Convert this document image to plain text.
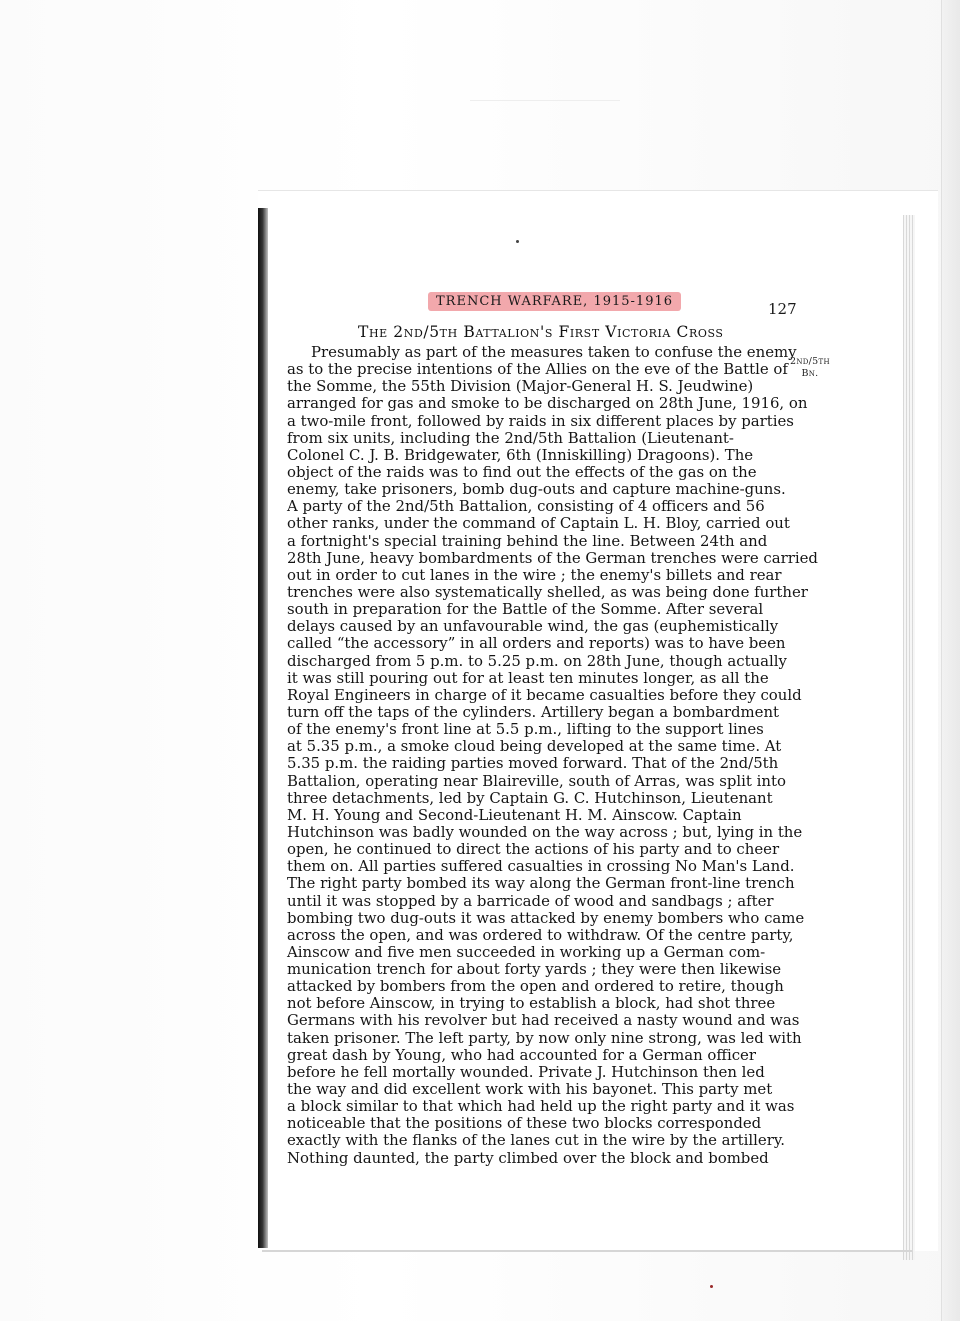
TRENCH WARFARE, 1915-1916	127
The 2nd/5th Battalion's First Victoria Cross
2nd/5th
Bn.
Presumably as part of the measures taken to confuse the enemy
as to the precise intentions of the Allies on the eve of the Battle of
the Somme, the 55th Division (Major-General H. S. Jeudwine)
arranged for gas and smoke to be discharged on 28th June, 1916, on
a two-mile front, followed by raids in six different places by parties
from six units, including the 2nd/5th Battalion (Lieutenant-
Colonel C. J. B. Bridgewater, 6th (Inniskilling) Dragoons). The
object of the raids was to find out the effects of the gas on the
enemy, take prisoners, bomb dug-outs and capture machine-guns.
A party of the 2nd/5th Battalion, consisting of 4 officers and 56
other ranks, under the command of Captain L. H. Bloy, carried out
a fortnight's special training behind the line. Between 24th and
28th June, heavy bombardments of the German trenches were carried
out in order to cut lanes in the wire ; the enemy's billets and rear
trenches were also systematically shelled, as was being done further
south in preparation for the Battle of the Somme. After several
delays caused by an unfavourable wind, the gas (euphemistically
called “the accessory” in all orders and reports) was to have been
discharged from 5 p.m. to 5.25 p.m. on 28th June, though actually
it was still pouring out for at least ten minutes longer, as all the
Royal Engineers in charge of it became casualties before they could
turn off the taps of the cylinders. Artillery began a bombardment
of the enemy's front line at 5.5 p.m., lifting to the support lines
at 5.35 p.m., a smoke cloud being developed at the same time. At
5.35 p.m. the raiding parties moved forward. That of the 2nd/5th
Battalion, operating near Blaireville, south of Arras, was split into
three detachments, led by Captain G. C. Hutchinson, Lieutenant
M. H. Young and Second-Lieutenant H. M. Ainscow. Captain
Hutchinson was badly wounded on the way across ; but, lying in the
open, he continued to direct the actions of his party and to cheer
them on. All parties suffered casualties in crossing No Man's Land.
The right party bombed its way along the German front-line trench
until it was stopped by a barricade of wood and sandbags ; after
bombing two dug-outs it was attacked by enemy bombers who came
across the open, and was ordered to withdraw. Of the centre party,
Ainscow and five men succeeded in working up a German com-
munication trench for about forty yards ; they were then likewise
attacked by bombers from the open and ordered to retire, though
not before Ainscow, in trying to establish a block, had shot three
Germans with his revolver but had received a nasty wound and was
taken prisoner. The left party, by now only nine strong, was led with
great dash by Young, who had accounted for a German officer
before he fell mortally wounded. Private J. Hutchinson then led
the way and did excellent work with his bayonet. This party met
a block similar to that which had held up the right party and it was
noticeable that the positions of these two blocks corresponded
exactly with the flanks of the lanes cut in the wire by the artillery.
Nothing daunted, the party climbed over the block and bombed
